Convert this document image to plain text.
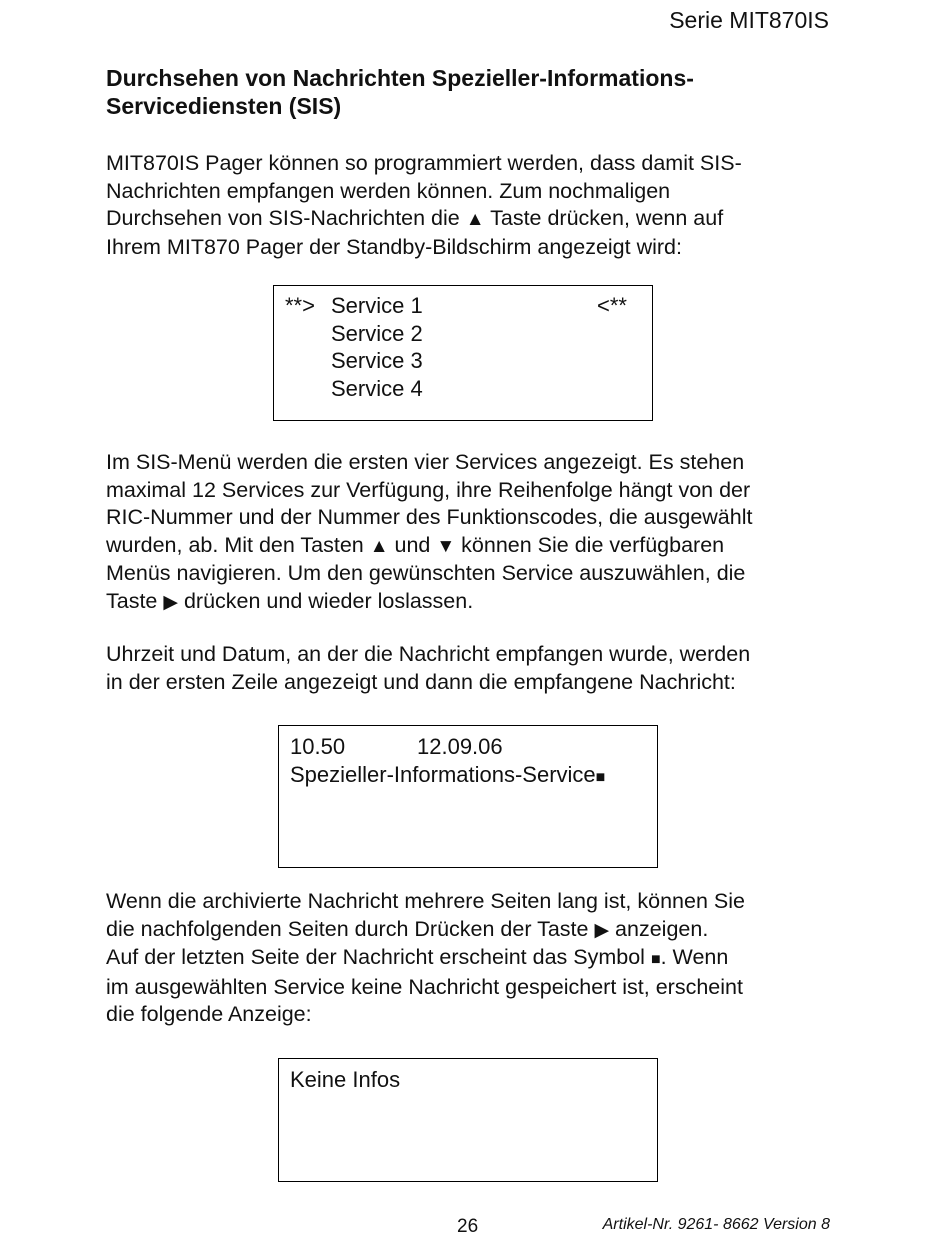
Serie MIT870IS
Durchsehen von Nachrichten Spezieller-Informations-
Servicediensten (SIS)

MIT870IS Pager können so programmiert werden, dass damit SIS-
Nachrichten empfangen werden können. Zum nochmaligen
Durchsehen von SIS-Nachrichten die ▲ Taste drücken, wenn auf
Ihrem MIT870 Pager der Standby-Bildschirm angezeigt wird:

**> Service 1	<**
Service 2
Service 3
Service 4

Im SIS-Menü werden die ersten vier Services angezeigt. Es stehen
maximal 12 Services zur Verfügung, ihre Reihenfolge hängt von der
RIC-Nummer und der Nummer des Funktionscodes, die ausgewählt
wurden, ab. Mit den Tasten ▲ und ▼ können Sie die verfügbaren
Menüs navigieren. Um den gewünschten Service auszuwählen, die
Taste ▶ drücken und wieder loslassen.

Uhrzeit und Datum, an der die Nachricht empfangen wurde, werden
in der ersten Zeile angezeigt und dann die empfangene Nachricht:

10.50	12.09.06
Spezieller-Informations-Service■

Wenn die archivierte Nachricht mehrere Seiten lang ist, können Sie
die nachfolgenden Seiten durch Drücken der Taste ▶ anzeigen.
Auf der letzten Seite der Nachricht erscheint das Symbol ■. Wenn
im ausgewählten Service keine Nachricht gespeichert ist, erscheint
die folgende Anzeige:

Keine Infos
26	Artikel-Nr. 9261- 8662 Version 8
